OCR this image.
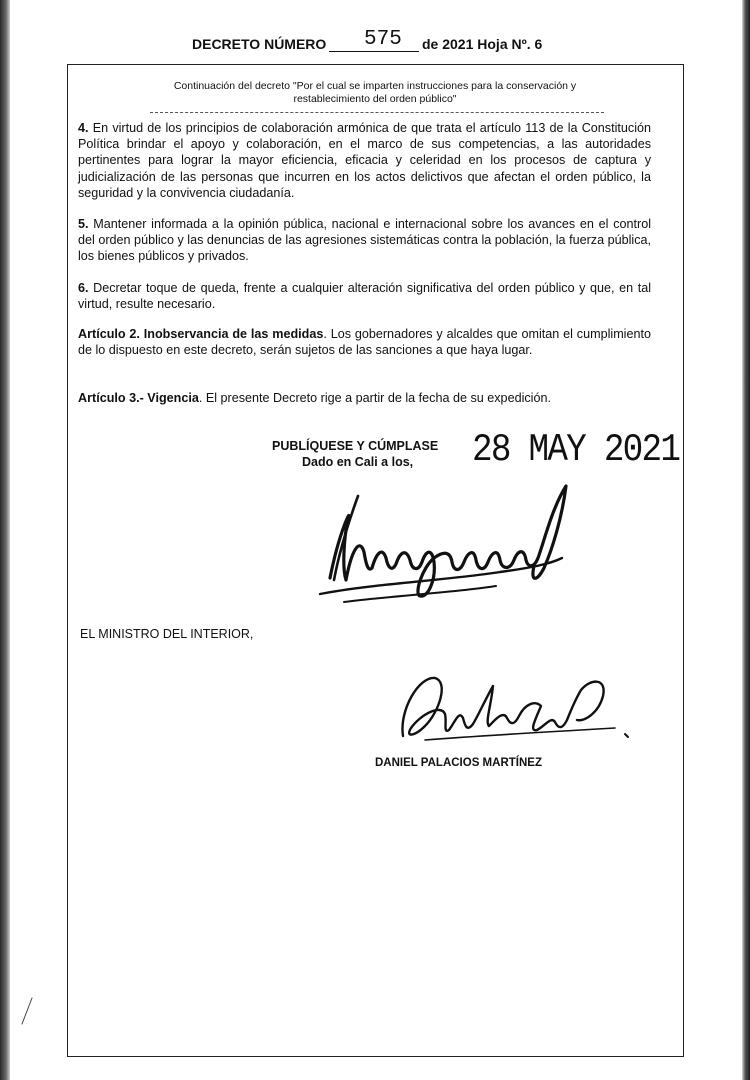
DECRETO NÚMERO 575 de 2021 Hoja Nº. 6
Continuación del decreto "Por el cual se imparten instrucciones para la conservación y
restablecimiento del orden público"

4. En virtud de los principios de colaboración armónica de que trata el artículo 113 de la Constitución Política brindar el apoyo y colaboración, en el marco de sus competencias, a las autoridades pertinentes para lograr la mayor eficiencia, eficacia y celeridad en los procesos de captura y judicialización de las personas que incurren en los actos delictivos que afectan el orden público, la seguridad y la convivencia ciudadanía.

5. Mantener informada a la opinión pública, nacional e internacional sobre los avances en el control del orden público y las denuncias de las agresiones sistemáticas contra la población, la fuerza pública, los bienes públicos y privados.

6. Decretar toque de queda, frente a cualquier alteración significativa del orden público y que, en tal virtud, resulte necesario.

Artículo 2. Inobservancia de las medidas. Los gobernadores y alcaldes que omitan el cumplimiento de lo dispuesto en este decreto, serán sujetos de las sanciones a que haya lugar.

Artículo 3.- Vigencia. El presente Decreto rige a partir de la fecha de su expedición.

PUBLÍQUESE Y CÚMPLASE
Dado en Cali a los, 28 MAY 2021
EL MINISTRO DEL INTERIOR,
DANIEL PALACIOS MARTÍNEZ
